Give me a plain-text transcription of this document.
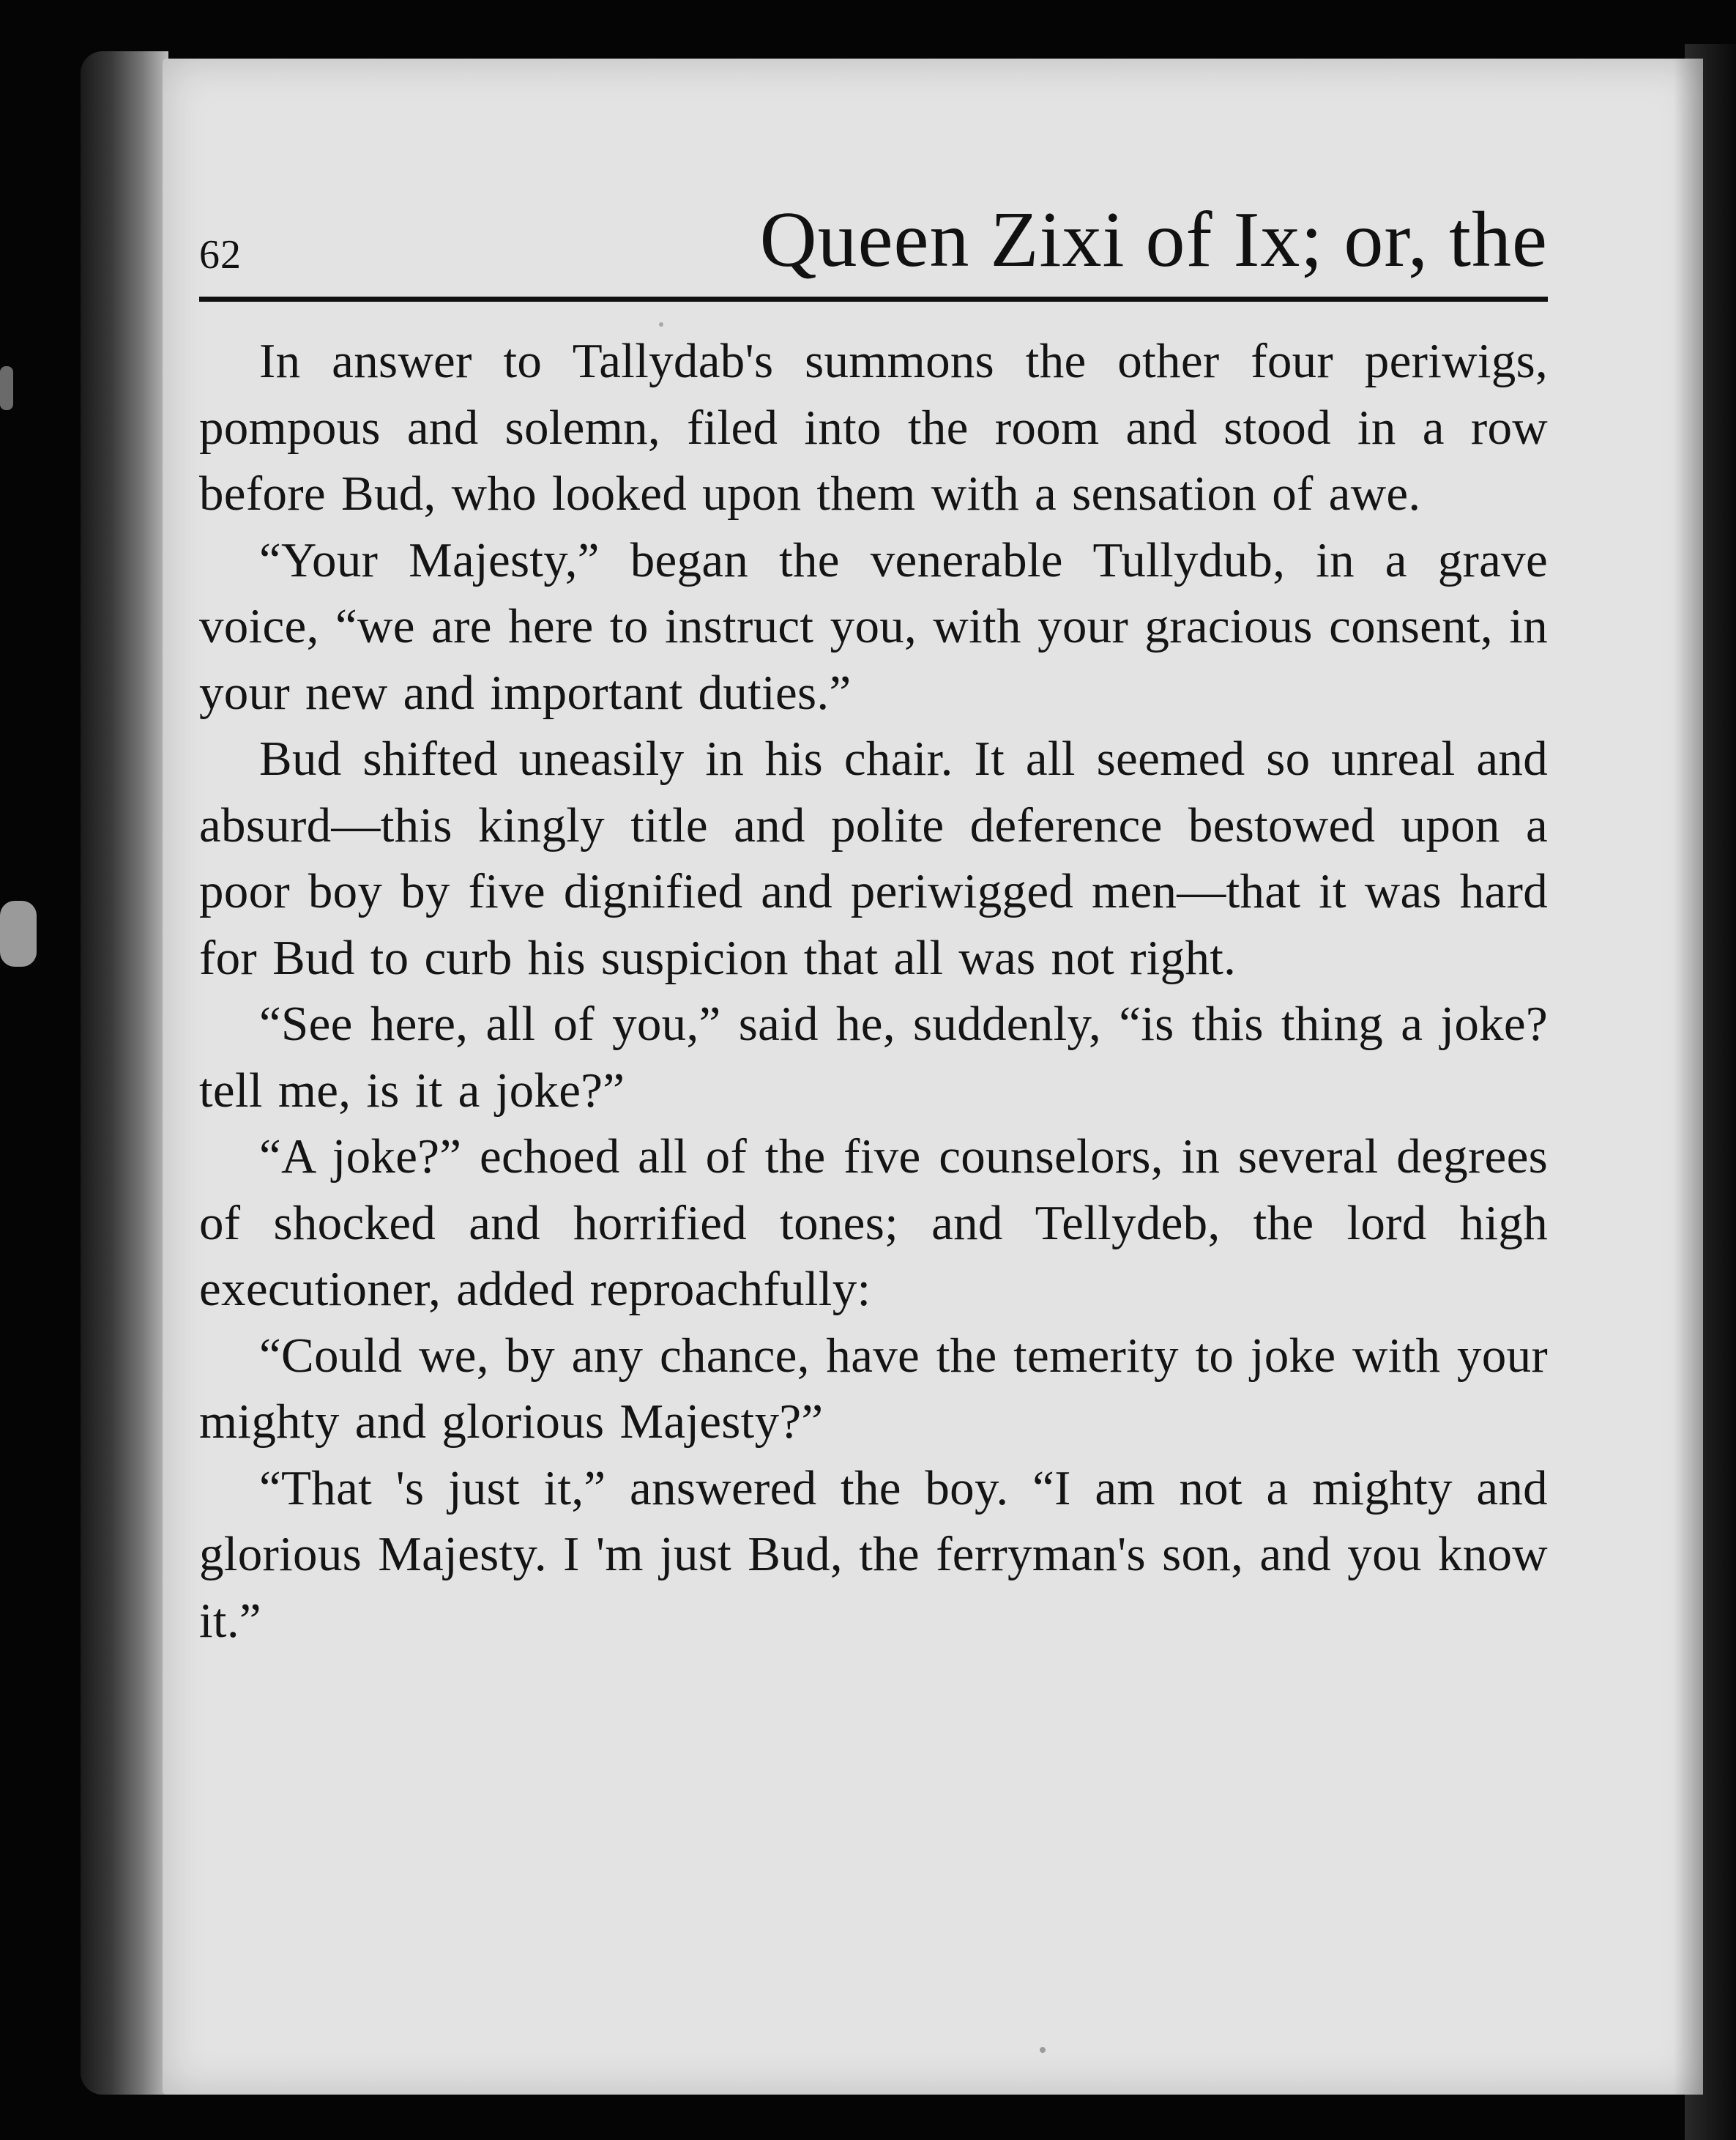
62	Queen Zixi of Ix; or, the

In answer to Tallydab's summons the other four periwigs, pompous and solemn, filed into the room and stood in a row before Bud, who looked upon them with a sensation of awe.

“Your Majesty,” began the venerable Tullydub, in a grave voice, “we are here to instruct you, with your gracious consent, in your new and important duties.”

Bud shifted uneasily in his chair. It all seemed so unreal and absurd—this kingly title and polite deference bestowed upon a poor boy by five dignified and periwigged men—that it was hard for Bud to curb his suspicion that all was not right.

“See here, all of you,” said he, suddenly, “is this thing a joke? tell me, is it a joke?”

“A joke?” echoed all of the five counselors, in several degrees of shocked and horrified tones; and Tellydeb, the lord high executioner, added reproachfully:

“Could we, by any chance, have the temerity to joke with your mighty and glorious Majesty?”

“That 's just it,” answered the boy. “I am not a mighty and glorious Majesty. I 'm just Bud, the ferryman's son, and you know it.”
